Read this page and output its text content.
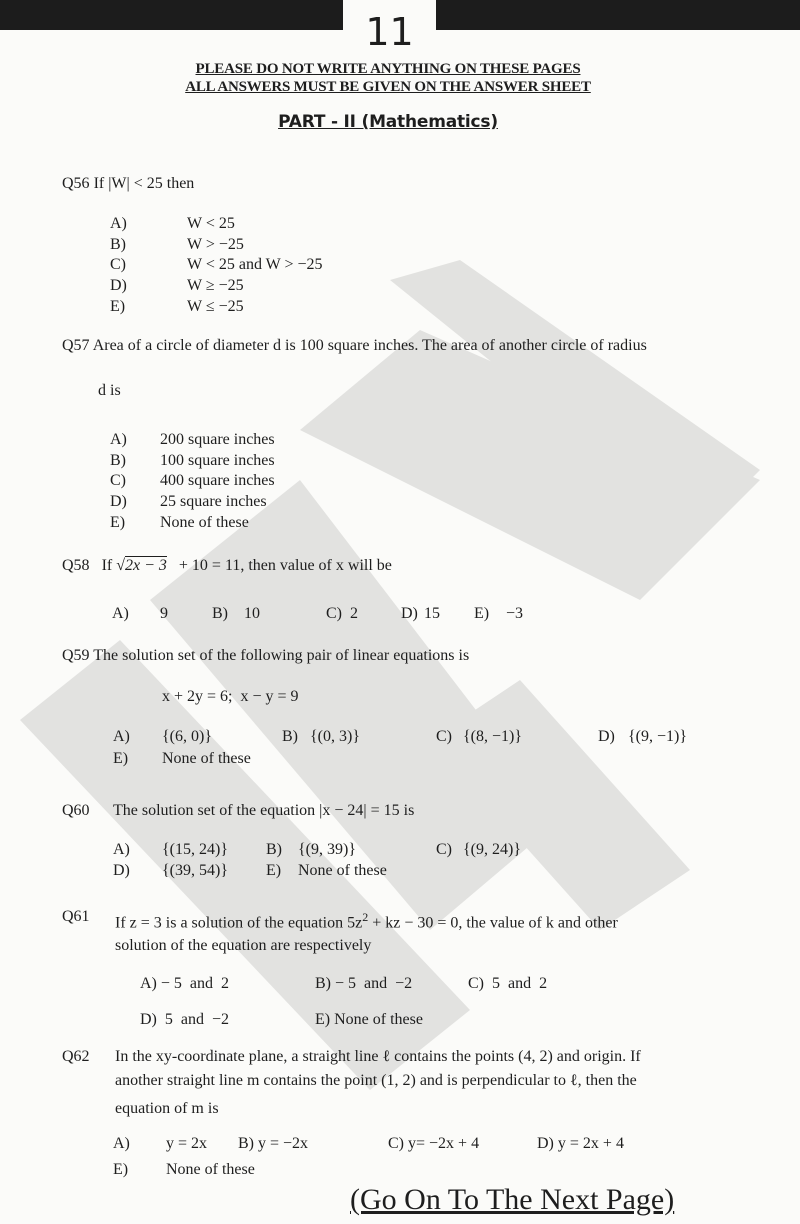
11
PLEASE DO NOT WRITE ANYTHING ON THESE PAGES
ALL ANSWERS MUST BE GIVEN ON THE ANSWER SHEET
PART - II (Mathematics)
Q56 If |W| < 25 then
A)	W < 25
B)	W > −25
C)	W < 25 and W > −25
D)	W ≥ −25
E)	W ≤ −25
Q57 Area of a circle of diameter d is 100 square inches. The area of another circle of radius
d is
A) 200 square inches
B) 100 square inches
C) 400 square inches
D) 25 square inches
E) None of these
Q58 If √2x − 3 + 10 = 11, then value of x will be
A) 9	B) 10	C) 2	D) 15 E) −3
Q59 The solution set of the following pair of linear equations is
x + 2y = 6;  x − y = 9
A) {(6, 0)}	B) {(0, 3)}	C) {(8, −1)}	D) {(9, −1)}
E) None of these
Q60 The solution set of the equation |x − 24| = 15 is
A) {(15, 24)} B) {(9, 39)}	C) {(9, 24)}
D) {(39, 54)} E) None of these
Q61 If z = 3 is a solution of the equation $5z^2$ + kz − 30 = 0, the value of k and other
solution of the equation are respectively
A) − 5  and  2	B) − 5  and  −2	C) 5  and  2
D) 5  and  −2	E) None of these
Q62 In the xy-coordinate plane, a straight line ℓ contains the points (4, 2) and origin. If
another straight line m contains the point (1, 2) and is perpendicular to ℓ, then the
equation of m is
A) y = 2x B) y = −2x	C) y= −2x + 4	D) y = 2x + 4
E) None of these
(Go On To The Next Page)
